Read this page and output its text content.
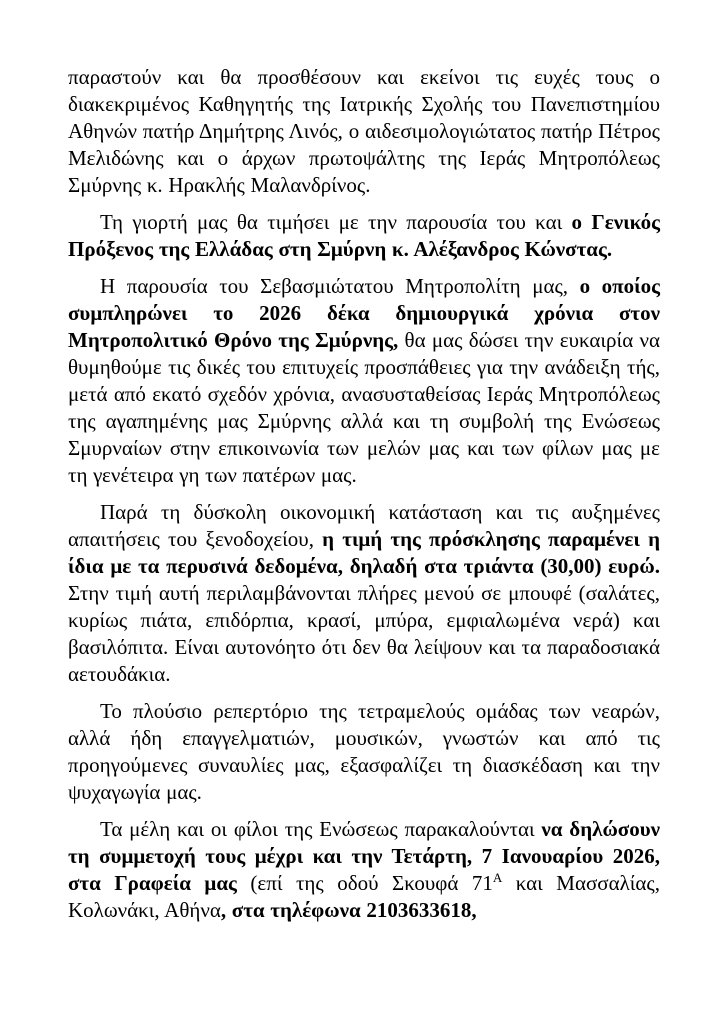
παραστούν και θα προσθέσουν και εκείνοι τις ευχές τους ο διακεκριμένος Καθηγητής της Ιατρικής Σχολής του Πανεπιστημίου Αθηνών πατήρ Δημήτρης Λινός, ο αιδεσιμολογιώτατος πατήρ Πέτρος Μελιδώνης και ο άρχων πρωτοψάλτης της Ιεράς Μητροπόλεως Σμύρνης κ. Ηρακλής Μαλανδρίνος.

Τη γιορτή μας θα τιμήσει με την παρουσία του και ο Γενικός Πρόξενος της Ελλάδας στη Σμύρνη κ. Αλέξανδρος Κώνστας.

Η παρουσία του Σεβασμιώτατου Μητροπολίτη μας, ο οποίος συμπληρώνει το 2026 δέκα δημιουργικά χρόνια στον Μητροπολιτικό Θρόνο της Σμύρνης, θα μας δώσει την ευκαιρία να θυμηθούμε τις δικές του επιτυχείς προσπάθειες για την ανάδειξη τής, μετά από εκατό σχεδόν χρόνια, ανασυσταθείσας Ιεράς Μητροπόλεως της αγαπημένης μας Σμύρνης αλλά και τη συμβολή της Ενώσεως Σμυρναίων στην επικοινωνία των μελών μας και των φίλων μας με τη γενέτειρα γη των πατέρων μας.

Παρά τη δύσκολη οικονομική κατάσταση και τις αυξημένες απαιτήσεις του ξενοδοχείου, η τιμή της πρόσκλησης παραμένει η ίδια με τα περυσινά δεδομένα, δηλαδή στα τριάντα (30,00) ευρώ. Στην τιμή αυτή περιλαμβάνονται πλήρες μενού σε μπουφέ (σαλάτες, κυρίως πιάτα, επιδόρπια, κρασί, μπύρα, εμφιαλωμένα νερά) και βασιλόπιτα. Είναι αυτονόητο ότι δεν θα λείψουν και τα παραδοσιακά αετουδάκια.

Το πλούσιο ρεπερτόριο της τετραμελούς ομάδας των νεαρών, αλλά ήδη επαγγελματιών, μουσικών, γνωστών και από τις προηγούμενες συναυλίες μας, εξασφαλίζει τη διασκέδαση και την ψυχαγωγία μας.

Τα μέλη και οι φίλοι της Ενώσεως παρακαλούνται να δηλώσουν τη συμμετοχή τους μέχρι και την Τετάρτη, 7 Ιανουαρίου 2026, στα Γραφεία μας (επί της οδού Σκουφά $71^A$ και Μασσαλίας, Κολωνάκι, Αθήνα, στα τηλέφωνα 2103633618,
